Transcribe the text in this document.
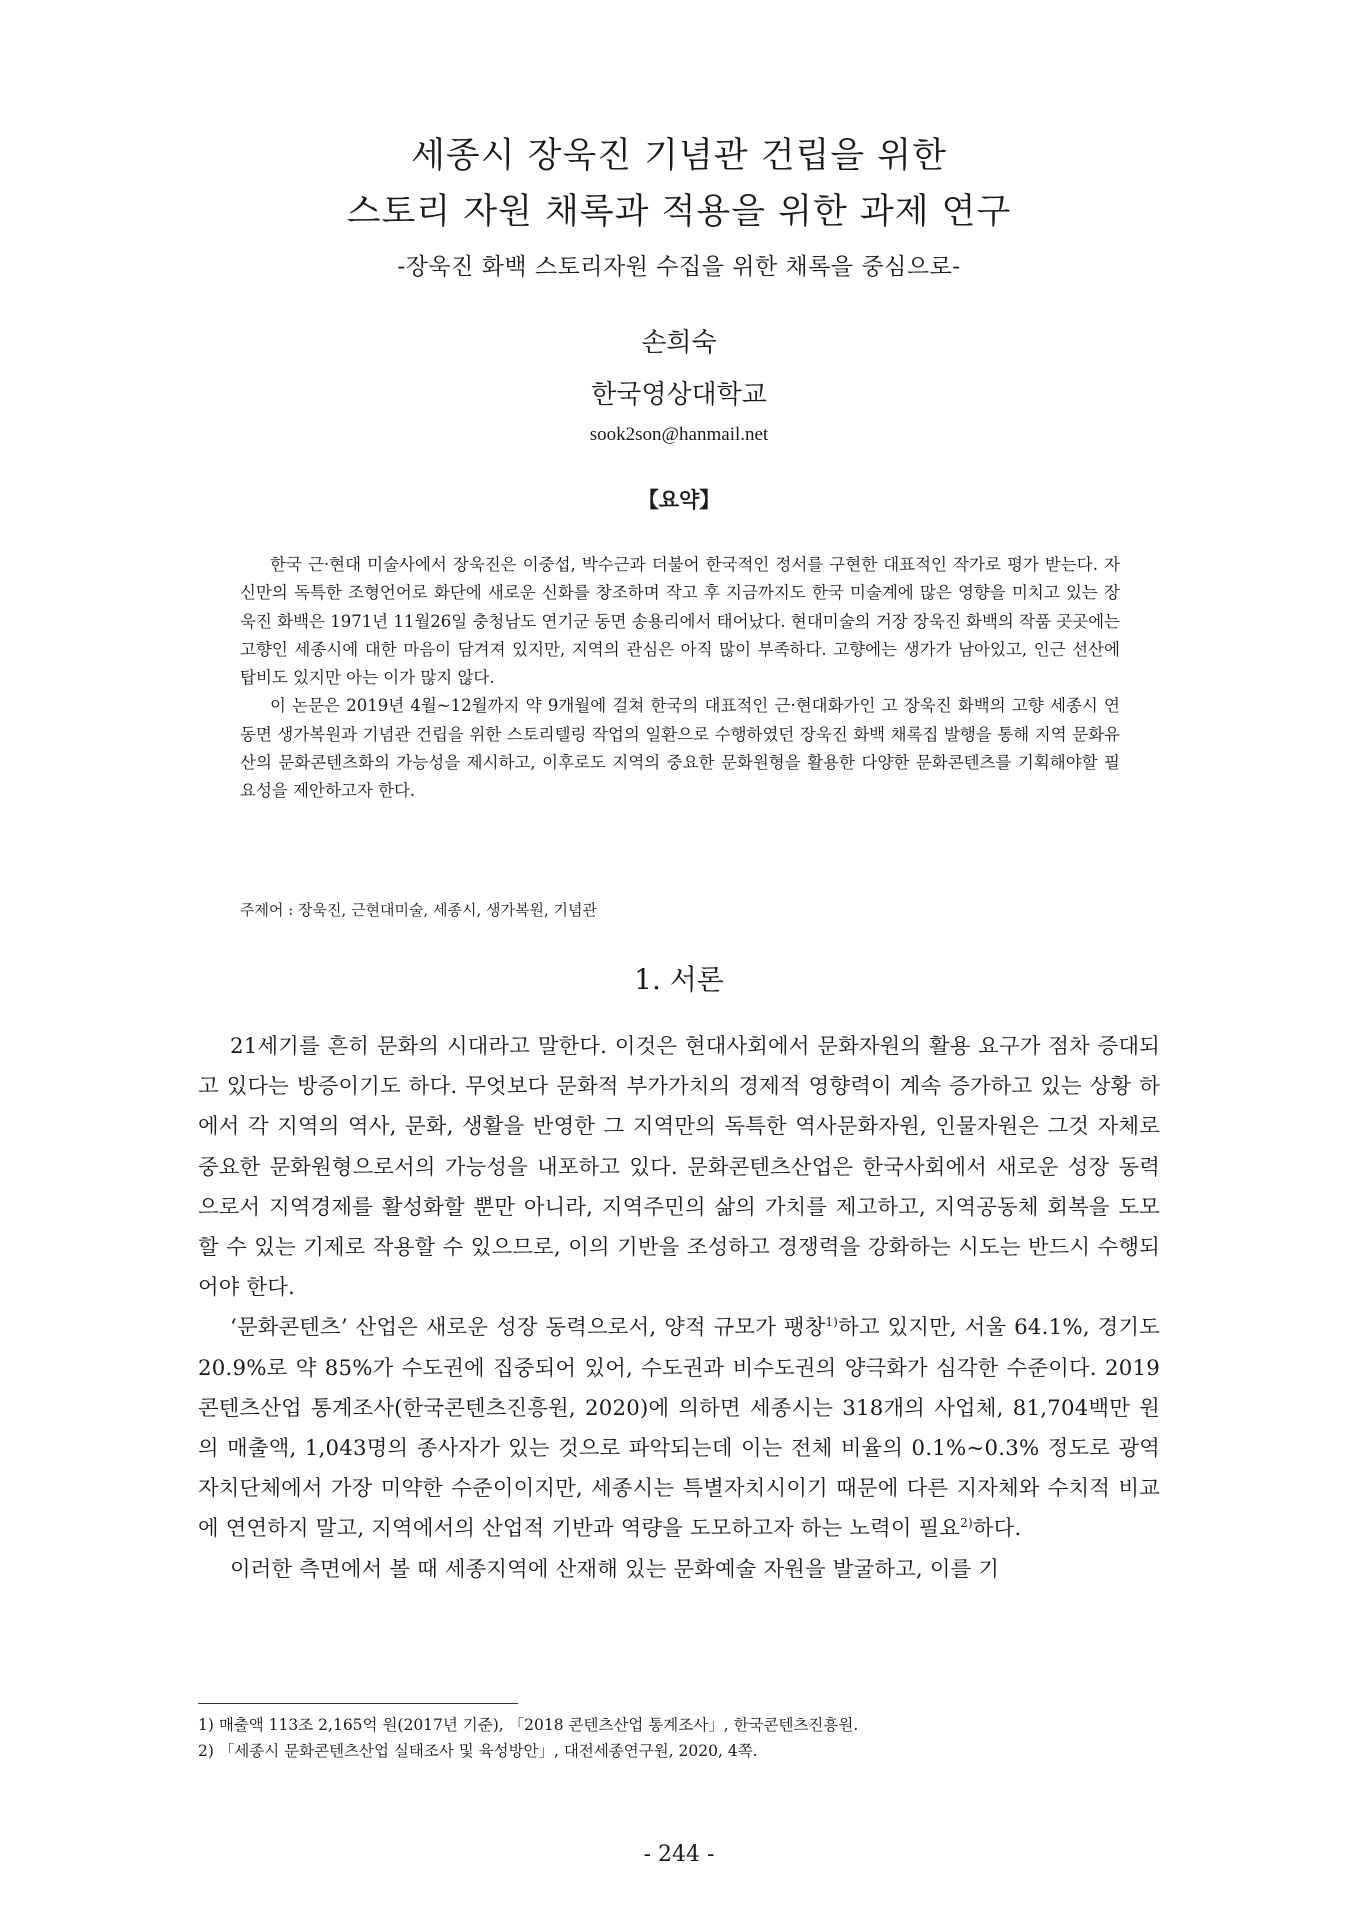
세종시 장욱진 기념관 건립을 위한
스토리 자원 채록과 적용을 위한 과제 연구
-장욱진 화백 스토리자원 수집을 위한 채록을 중심으로-
손희숙
한국영상대학교
sook2son@hanmail.net
【요약】

한국 근·현대 미술사에서 장욱진은 이중섭, 박수근과 더불어 한국적인 정서를 구현한 대표적인 작가로 평가 받는다. 자신만의 독특한 조형언어로 화단에 새로운 신화를 창조하며 작고 후 지금까지도 한국 미술계에 많은 영향을 미치고 있는 장욱진 화백은 1971년 11월26일 충청남도 연기군 동면 송용리에서 태어났다. 현대미술의 거장 장욱진 화백의 작품 곳곳에는 고향인 세종시에 대한 마음이 담겨져 있지만, 지역의 관심은 아직 많이 부족하다. 고향에는 생가가 남아있고, 인근 선산에 탑비도 있지만 아는 이가 많지 않다.

이 논문은 2019년 4월~12월까지 약 9개월에 걸쳐 한국의 대표적인 근·현대화가인 고 장욱진 화백의 고향 세종시 연동면 생가복원과 기념관 건립을 위한 스토리텔링 작업의 일환으로 수행하였던 장욱진 화백 채록집 발행을 통해 지역 문화유산의 문화콘텐츠화의 가능성을 제시하고, 이후로도 지역의 중요한 문화원형을 활용한 다양한 문화콘텐츠를 기획해야할 필요성을 제안하고자 한다.

주제어 : 장욱진, 근현대미술, 세종시, 생가복원, 기념관
1. 서론

21세기를 흔히 문화의 시대라고 말한다. 이것은 현대사회에서 문화자원의 활용 요구가 점차 증대되고 있다는 방증이기도 하다. 무엇보다 문화적 부가가치의 경제적 영향력이 계속 증가하고 있는 상황 하에서 각 지역의 역사, 문화, 생활을 반영한 그 지역만의 독특한 역사문화자원, 인물자원은 그것 자체로 중요한 문화원형으로서의 가능성을 내포하고 있다. 문화콘텐츠산업은 한국사회에서 새로운 성장 동력으로서 지역경제를 활성화할 뿐만 아니라, 지역주민의 삶의 가치를 제고하고, 지역공동체 회복을 도모할 수 있는 기제로 작용할 수 있으므로, 이의 기반을 조성하고 경쟁력을 강화하는 시도는 반드시 수행되어야 한다.

‘문화콘텐츠’ 산업은 새로운 성장 동력으로서, 양적 규모가 팽창$^{1)}$하고 있지만, 서울 64.1%, 경기도 20.9%로 약 85%가 수도권에 집중되어 있어, 수도권과 비수도권의 양극화가 심각한 수준이다. 2019 콘텐츠산업 통계조사(한국콘텐츠진흥원, 2020)에 의하면 세종시는 318개의 사업체, 81,704백만 원의 매출액, 1,043명의 종사자가 있는 것으로 파악되는데 이는 전체 비율의 0.1%~0.3% 정도로 광역자치단체에서 가장 미약한 수준이이지만, 세종시는 특별자치시이기 때문에 다른 지자체와 수치적 비교에 연연하지 말고, 지역에서의 산업적 기반과 역량을 도모하고자 하는 노력이 필요$^{2)}$하다.

이러한 측면에서 볼 때 세종지역에 산재해 있는 문화예술 자원을 발굴하고, 이를 기

1) 매출액 113조 2,165억 원(2017년 기준), 「2018 콘텐츠산업 통계조사」, 한국콘텐츠진흥원.
2) 「세종시 문화콘텐츠산업 실태조사 및 육성방안」, 대전세종연구원, 2020, 4쪽.
- 244 -
